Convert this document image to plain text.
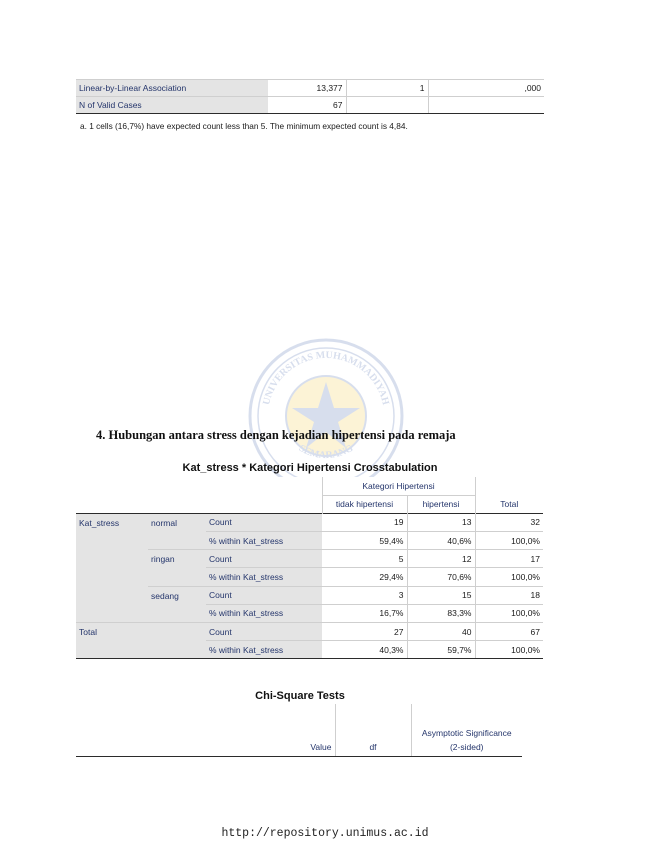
Linear-by-Linear Association	13,377	1	,000
N of Valid Cases	67		
a. 1 cells (16,7%) have expected count less than 5. The minimum expected count is 4,84.
UNIVERSITAS MUHAMMADIYAH
SEMARANG
4. Hubungan antara stress dengan kejadian hipertensi pada remaja
Kat_stress * Kategori Hipertensi Crosstabulation
			Kategori Hipertensi		
			tidak hipertensi	hipertensi	Total
Kat_stress	normal	Count	19	13	32
		% within Kat_stress	59,4%	40,6%	100,0%
	ringan	Count	5	12	17
		% within Kat_stress	29,4%	70,6%	100,0%
	sedang	Count	3	15	18
		% within Kat_stress	16,7%	83,3%	100,0%
Total		Count	27	40	67
		% within Kat_stress	40,3%	59,7%	100,0%
Chi-Square Tests
			Asymptotic Significance
	Value	df	(2-sided)
http://repository.unimus.ac.id
